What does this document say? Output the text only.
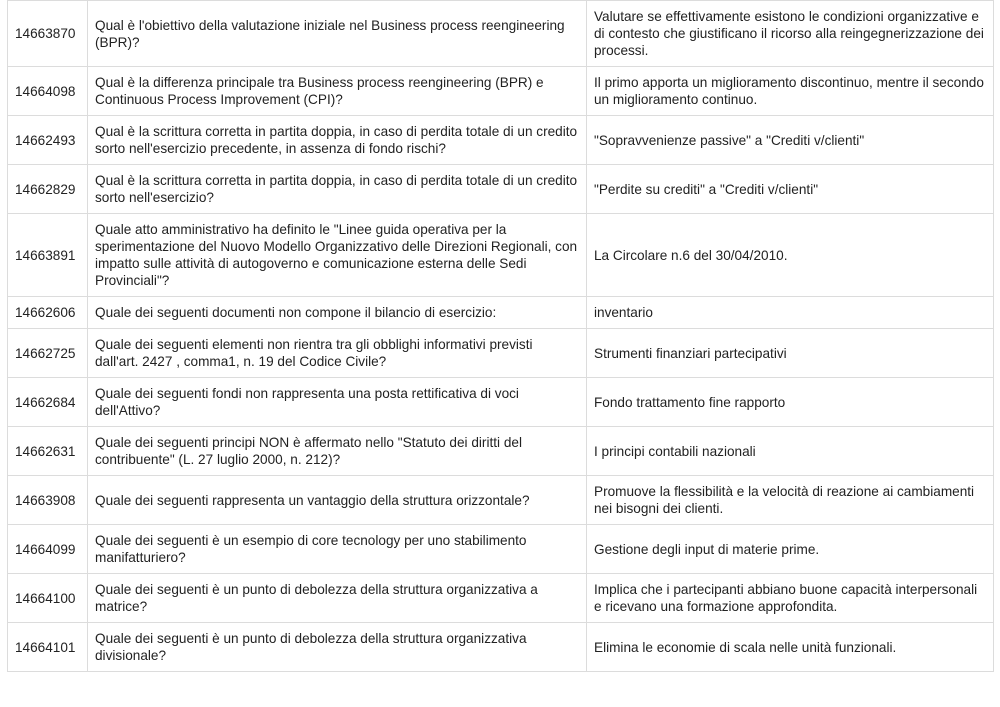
14663870	Qual è l'obiettivo della valutazione iniziale nel Business process reengineering (BPR)?	Valutare se effettivamente esistono le condizioni organizzative e di contesto che giustificano il ricorso alla reingegnerizzazione dei processi.
14664098	Qual è la differenza principale tra Business process reengineering (BPR) e Continuous Process Improvement (CPI)?	Il primo apporta un miglioramento discontinuo, mentre il secondo un miglioramento continuo.
14662493	Qual è la scrittura corretta in partita doppia, in caso di perdita totale di un credito sorto nell'esercizio precedente, in assenza di fondo rischi?	"Sopravvenienze passive" a "Crediti v/clienti"
14662829	Qual è la scrittura corretta in partita doppia, in caso di perdita totale di un credito sorto nell'esercizio?	"Perdite su crediti" a "Crediti v/clienti"
14663891	Quale atto amministrativo ha definito le "Linee guida operativa per la sperimentazione del Nuovo Modello Organizzativo delle Direzioni Regionali, con impatto sulle attività di autogoverno e comunicazione esterna delle Sedi Provinciali"?	La Circolare n.6 del 30/04/2010.
14662606	Quale dei seguenti documenti non compone il bilancio di esercizio:	inventario
14662725	Quale dei seguenti elementi non rientra tra gli obblighi informativi previsti dall'art. 2427 , comma1, n. 19 del Codice Civile?	Strumenti finanziari partecipativi
14662684	Quale dei seguenti fondi non rappresenta una posta rettificativa di voci dell'Attivo?	Fondo trattamento fine rapporto
14662631	Quale dei seguenti principi NON è affermato nello "Statuto dei diritti del contribuente" (L. 27 luglio 2000, n. 212)?	I principi contabili nazionali
14663908	Quale dei seguenti rappresenta un vantaggio della struttura orizzontale?	Promuove la flessibilità e la velocità di reazione ai cambiamenti nei bisogni dei clienti.
14664099	Quale dei seguenti è un esempio di core tecnology per uno stabilimento manifatturiero?	Gestione degli input di materie prime.
14664100	Quale dei seguenti è un punto di debolezza della struttura organizzativa a matrice?	Implica che i partecipanti abbiano buone capacità interpersonali e ricevano una formazione approfondita.
14664101	Quale dei seguenti è un punto di debolezza della struttura organizzativa divisionale?	Elimina le economie di scala nelle unità funzionali.
